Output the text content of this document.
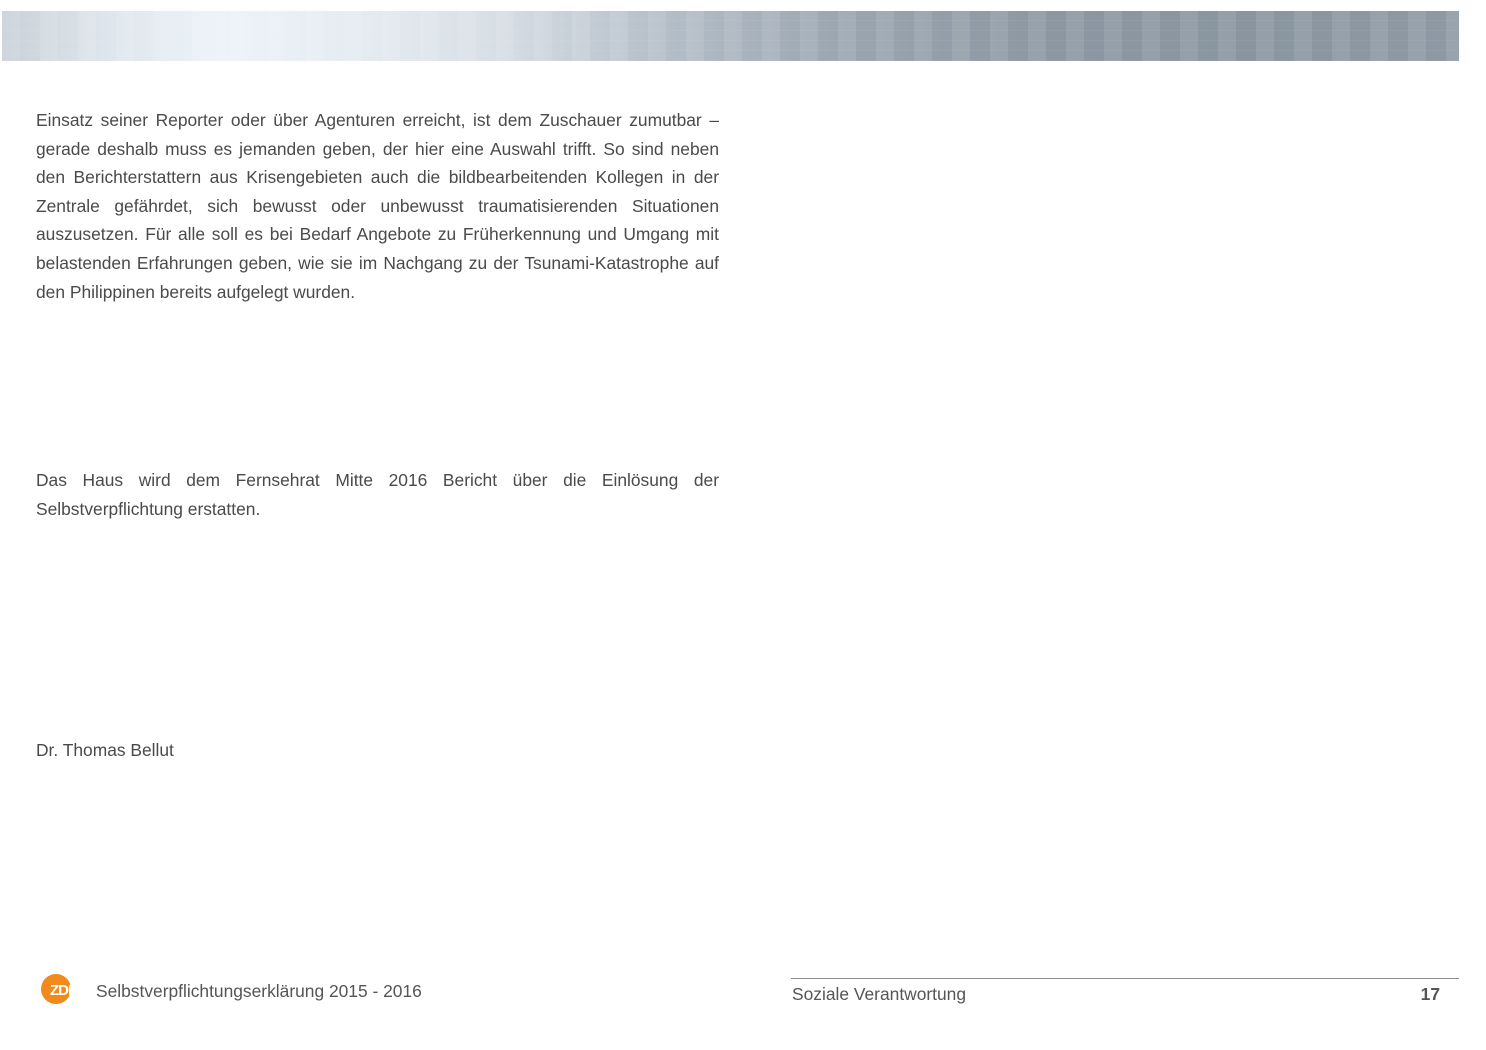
Einsatz seiner Reporter oder über Agenturen erreicht, ist dem Zuschauer zumutbar – gerade deshalb muss es jemanden geben, der hier eine Auswahl trifft. So sind neben den Berichterstattern aus Krisengebieten auch die bildbearbeitenden Kollegen in der Zentrale gefährdet, sich bewusst oder unbewusst traumatisierenden Situationen auszusetzen. Für alle soll es bei Bedarf Angebote zu Früherkennung und Umgang mit belastenden Erfahrungen geben, wie sie im Nachgang zu der Tsunami-Katastrophe auf den Philippinen bereits aufgelegt wurden.

Das Haus wird dem Fernsehrat Mitte 2016 Bericht über die Einlösung der Selbstverpflichtung erstatten.

Dr. Thomas Bellut
ZDF Selbstverpflichtungserklärung 2015 - 2016	Soziale Verantwortung	17
